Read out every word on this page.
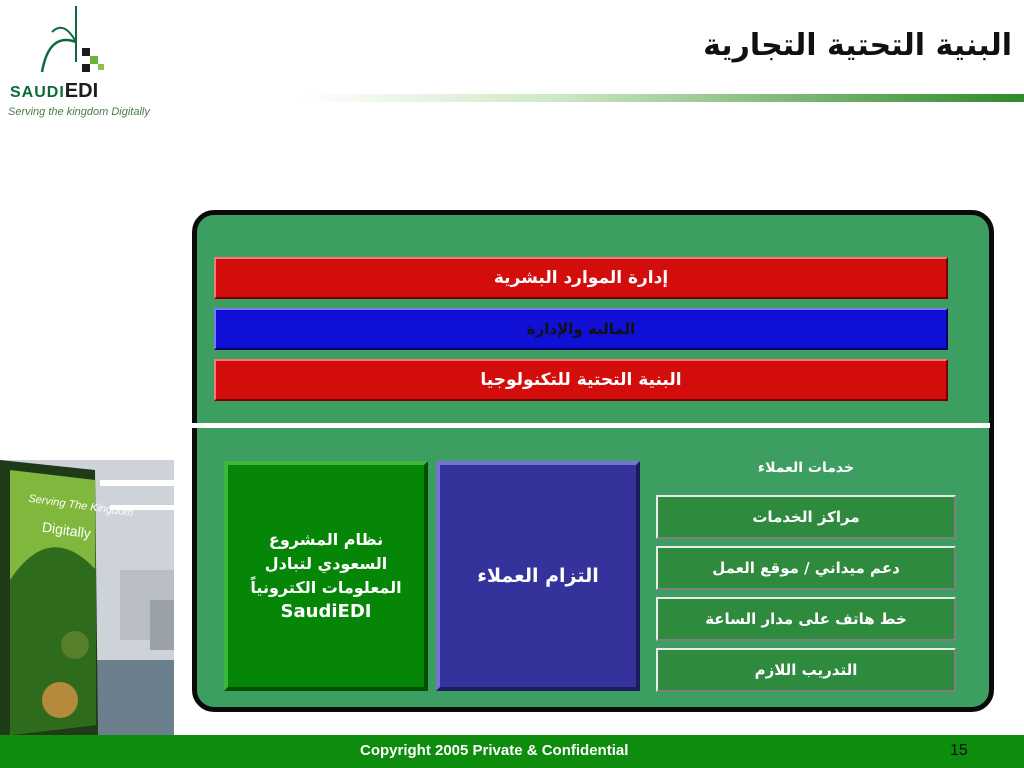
SAUDIEDI
Serving the kingdom Digitally
البنية التحتية التجارية
Serving The Kingdom
Digitally
إدارة الموارد البشرية
المالية والإدارة
البنية التحتية للتكنولوجيا
نظام المشروع
السعودي لتبادل
المعلومات الكترونياً
SaudiEDI
التزام العملاء
خدمات العملاء
مراكز الخدمات
دعم ميداني / موقع العمل
خط هاتف على مدار الساعة
التدريب اللازم
Copyright 2005 Private & Confidential	15
